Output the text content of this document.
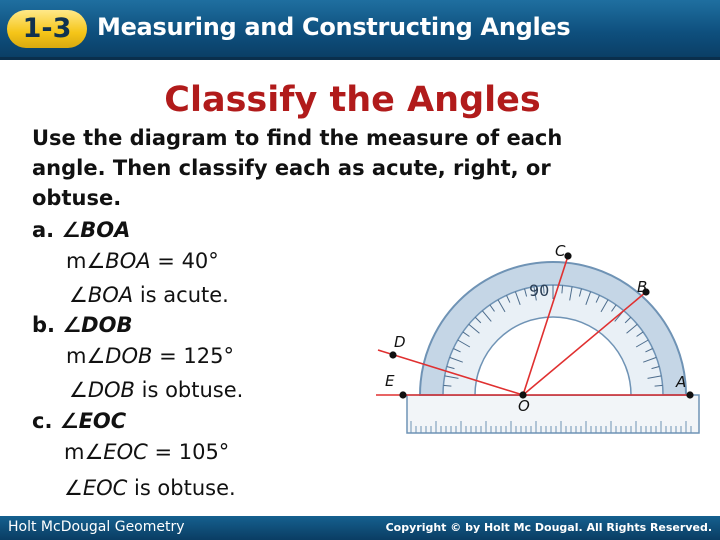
1-3	Measuring and Constructing Angles
Classify the Angles
Use the diagram to find the measure of each
angle. Then classify each as acute, right, or
obtuse.
a. ∠BOA
m∠BOA = 40°
∠BOA is acute.
b. ∠DOB
m∠DOB = 125°
∠DOB is obtuse.
c. ∠EOC
m∠EOC = 105°
∠EOC is obtuse.
90
C
B
D
E	A
O
Holt McDougal Geometry	Copyright © by Holt Mc Dougal. All Rights Reserved.
